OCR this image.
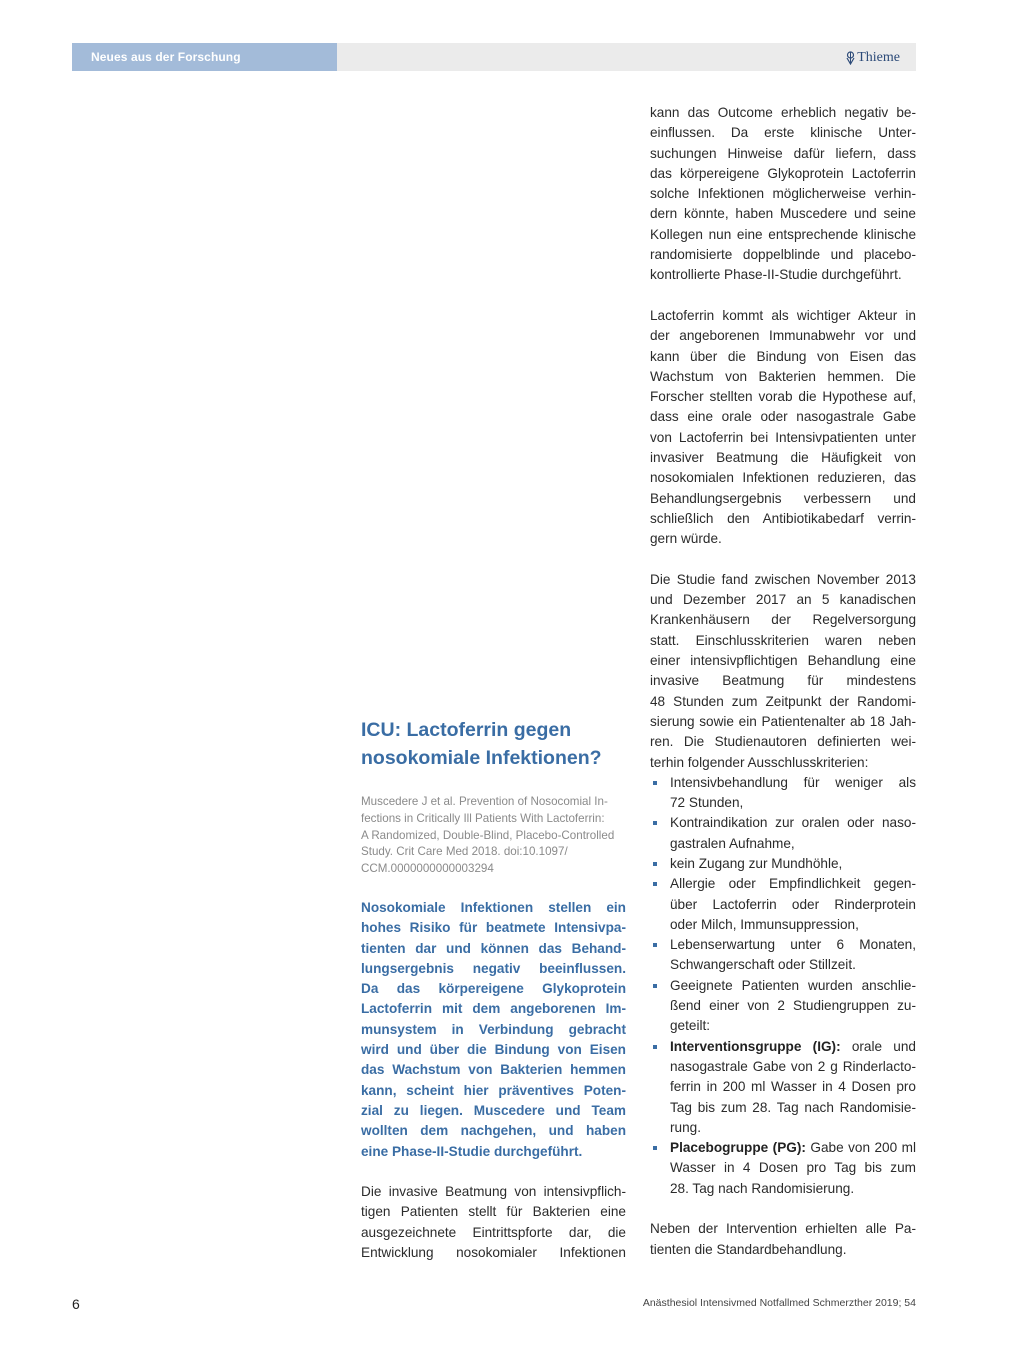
Neues aus der Forschung	Thieme
ICU: Lactoferrin gegen
nosokomiale Infektionen?

Muscedere J et al. Prevention of Nosocomial In-
fections in Critically Ill Patients With Lactoferrin:
A Randomized, Double-Blind, Placebo-Controlled
Study. Crit Care Med 2018. doi:10.1097/
CCM.0000000000003294

Nosokomiale Infektionen stellen ein
hohes Risiko für beatmete Intensivpa-
tienten dar und können das Behand-
lungsergebnis negativ beeinflussen.
Da das körpereigene Glykoprotein
Lactoferrin mit dem angeborenen Im-
munsystem in Verbindung gebracht
wird und über die Bindung von Eisen
das Wachstum von Bakterien hemmen
kann, scheint hier präventives Poten-
zial zu liegen. Muscedere und Team
wollten dem nachgehen, und haben
eine Phase-II-Studie durchgeführt.

Die invasive Beatmung von intensivpflich-
tigen Patienten stellt für Bakterien eine
ausgezeichnete Eintrittspforte dar, die
Entwicklung nosokomialer Infektionen

kann das Outcome erheblich negativ be-
einflussen. Da erste klinische Unter-
suchungen Hinweise dafür liefern, dass
das körpereigene Glykoprotein Lactoferrin
solche Infektionen möglicherweise verhin-
dern könnte, haben Muscedere und seine
Kollegen nun eine entsprechende klinische
randomisierte doppelblinde und placebo-
kontrollierte Phase-II-Studie durchgeführt.

Lactoferrin kommt als wichtiger Akteur in
der angeborenen Immunabwehr vor und
kann über die Bindung von Eisen das
Wachstum von Bakterien hemmen. Die
Forscher stellten vorab die Hypothese auf,
dass eine orale oder nasogastrale Gabe
von Lactoferrin bei Intensivpatienten unter
invasiver Beatmung die Häufigkeit von
nosokomialen Infektionen reduzieren, das
Behandlungsergebnis verbessern und
schließlich den Antibiotikabedarf verrin-
gern würde.

Die Studie fand zwischen November 2013
und Dezember 2017 an 5 kanadischen
Krankenhäusern der Regelversorgung
statt. Einschlusskriterien waren neben
einer intensivpflichtigen Behandlung eine
invasive Beatmung für mindestens
48 Stunden zum Zeitpunkt der Randomi-
sierung sowie ein Patientenalter ab 18 Jah-
ren. Die Studienautoren definierten wei-
terhin folgender Ausschlusskriterien:

Intensivbehandlung für weniger als
72 Stunden,
Kontraindikation zur oralen oder naso-
gastralen Aufnahme,
kein Zugang zur Mundhöhle,
Allergie oder Empfindlichkeit gegen-
über Lactoferrin oder Rinderprotein
oder Milch, Immunsuppression,
Lebenserwartung unter 6 Monaten,
Schwangerschaft oder Stillzeit.
Geeignete Patienten wurden anschlie-
ßend einer von 2 Studiengruppen zu-
geteilt:
Interventionsgruppe (IG): orale und
nasogastrale Gabe von 2 g Rinderlacto-
ferrin in 200 ml Wasser in 4 Dosen pro
Tag bis zum 28. Tag nach Randomisie-
rung.
Placebogruppe (PG): Gabe von 200 ml
Wasser in 4 Dosen pro Tag bis zum
28. Tag nach Randomisierung.

Neben der Intervention erhielten alle Pa-
tienten die Standardbehandlung.

6	Anästhesiol Intensivmed Notfallmed Schmerzther 2019; 54
